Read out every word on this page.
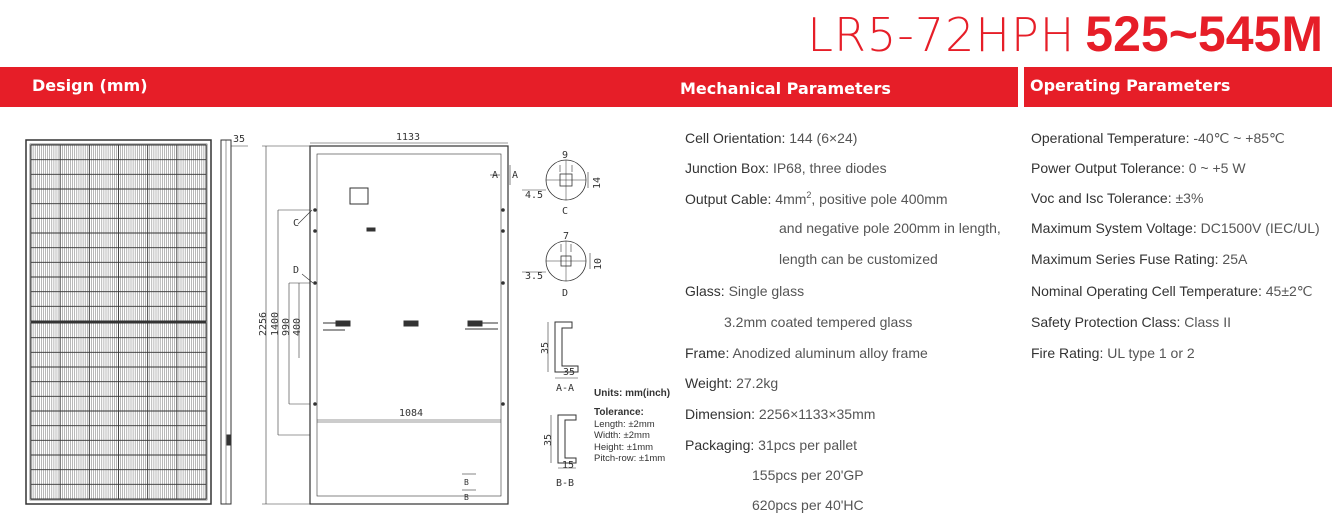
LR5-72HPH 525~545M
Design (mm)	Mechanical Parameters	Operating Parameters
35	1133
1084
2256 1400 990 400
C
D
A A
9
14
4.5
C
7
10
3.5
D
35
35
A-A
35
15
B-B
B
B
Units: mm(inch)
Tolerance:
Length: ±2mm
Width: ±2mm
Height: ±1mm
Pitch-row: ±1mm
Cell Orientation: 144 (6×24)
Junction Box: IP68, three diodes
Output Cable: $4mm^2$, positive pole 400mm
and negative pole 200mm in length,
length can be customized
Glass: Single glass
3.2mm coated tempered glass
Frame: Anodized aluminum alloy frame
Weight: 27.2kg
Dimension: 2256×1133×35mm
Packaging: 31pcs per pallet
155pcs per 20'GP
620pcs per 40'HC
Operational Temperature: -40℃ ~ +85℃
Power Output Tolerance: 0 ~ +5 W
Voc and Isc Tolerance: ±3%
Maximum System Voltage: DC1500V (IEC/UL)
Maximum Series Fuse Rating: 25A
Nominal Operating Cell Temperature: 45±2℃
Safety Protection Class: Class II
Fire Rating: UL type 1 or 2
